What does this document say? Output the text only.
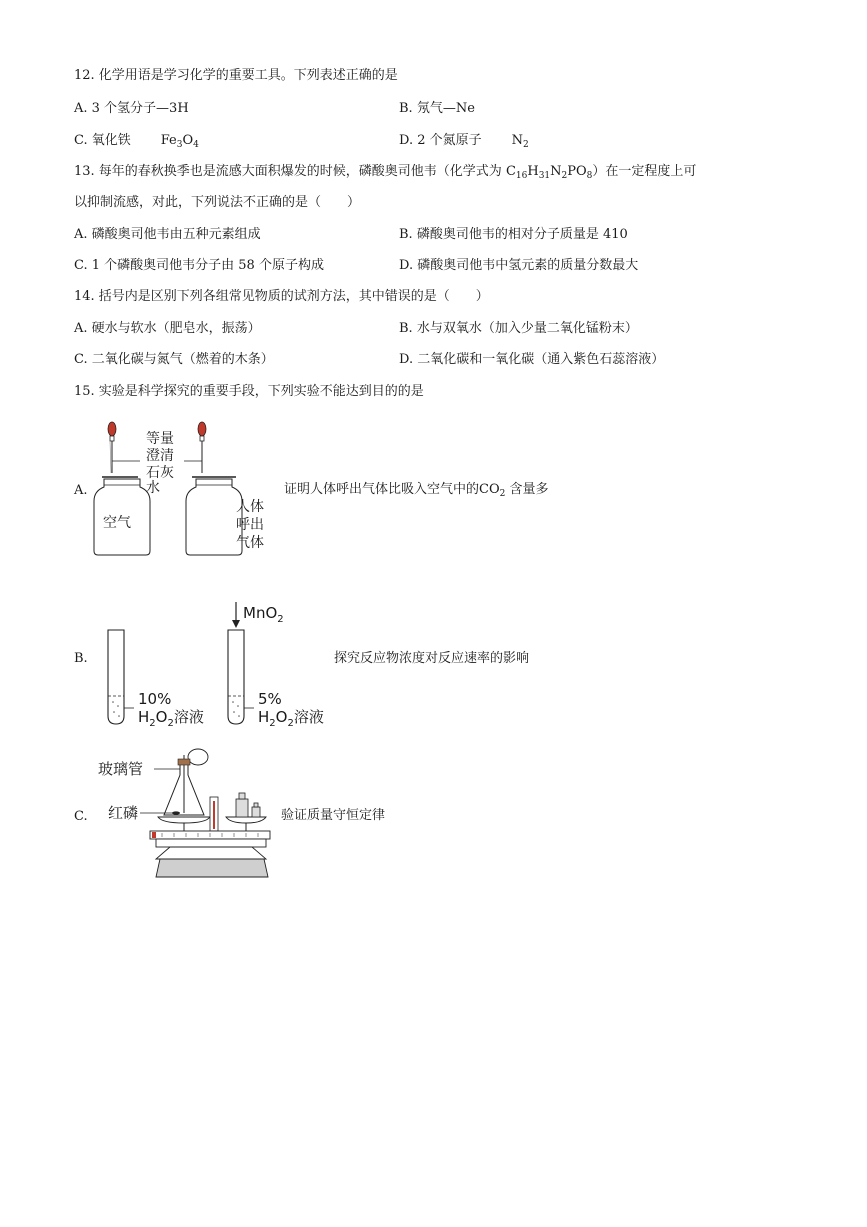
12. 化学用语是学习化学的重要工具。下列表述正确的是
A. 3 个氢分子—3H	B. 氖气—Ne
C. 氧化铁 $Fe_3O_4$	D. 2 个氮原子 $N_2$
13. 每年的春秋换季也是流感大面积爆发的时候，磷酸奥司他韦（化学式为 $C_{16}H_{31}N_2PO_8$）在一定程度上可
以抑制流感，对此，下列说法不正确的是（　　）
A. 磷酸奥司他韦由五种元素组成	B. 磷酸奥司他韦的相对分子质量是 410
C. 1 个磷酸奥司他韦分子由 58 个原子构成	D. 磷酸奥司他韦中氢元素的质量分数最大
14. 括号内是区别下列各组常见物质的试剂方法，其中错误的是（　　）
A. 硬水与软水（肥皂水，振荡）	B. 水与双氧水（加入少量二氧化锰粉末）
C. 二氧化碳与氮气（燃着的木条）	D. 二氧化碳和一氧化碳（通入紫色石蕊溶液）
15. 实验是科学探究的重要手段，下列实验不能达到目的的是
A.
等量
澄清
石灰
水
空气
人体
呼出
气体
证明人体呼出气体比吸入空气中的$CO_2$ 含量多
B.
MnO$_2$
10%
$H_2O_2$溶液
5%
$H_2O_2$溶液
探究反应物浓度对反应速率的影响
C.
玻璃管
红磷	验证质量守恒定律
